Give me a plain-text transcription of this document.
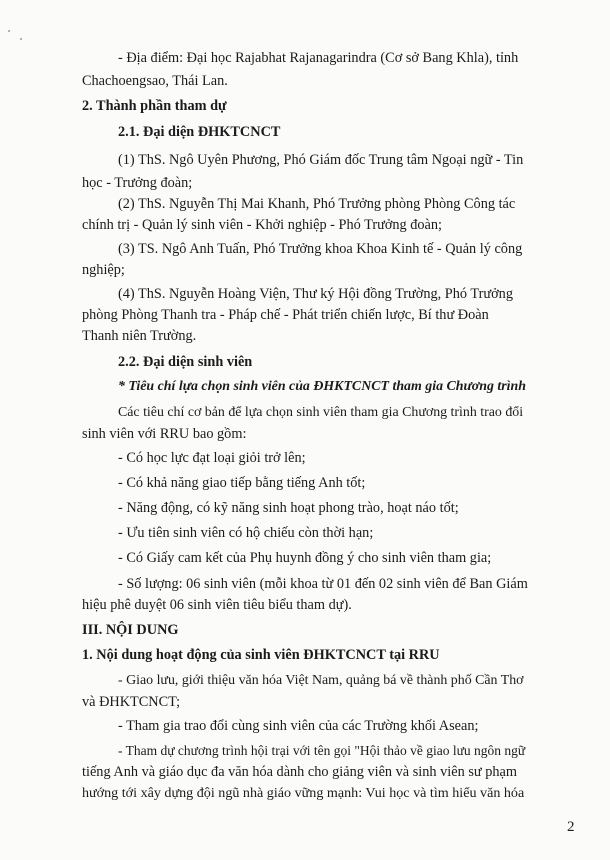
- Địa điểm: Đại học Rajabhat Rajanagarindra (Cơ sở Bang Khla), tỉnh
Chachoengsao, Thái Lan.
2. Thành phần tham dự
2.1. Đại diện ĐHKTCNCT
(1) ThS. Ngô Uyên Phương, Phó Giám đốc Trung tâm Ngoại ngữ - Tin
học - Trưởng đoàn;
(2) ThS. Nguyễn Thị Mai Khanh, Phó Trưởng phòng Phòng Công tác
chính trị - Quản lý sinh viên - Khởi nghiệp - Phó Trưởng đoàn;
(3) TS. Ngô Anh Tuấn, Phó Trưởng khoa Khoa Kinh tế - Quản lý công
nghiệp;
(4) ThS. Nguyễn Hoàng Viện, Thư ký Hội đồng Trường, Phó Trưởng
phòng Phòng Thanh tra - Pháp chế - Phát triển chiến lược, Bí thư Đoàn
Thanh niên Trường.
2.2. Đại diện sinh viên
* Tiêu chí lựa chọn sinh viên của ĐHKTCNCT tham gia Chương trình
Các tiêu chí cơ bản để lựa chọn sinh viên tham gia Chương trình trao đổi
sinh viên với RRU bao gồm:
- Có học lực đạt loại giỏi trở lên;
- Có khả năng giao tiếp bằng tiếng Anh tốt;
- Năng động, có kỹ năng sinh hoạt phong trào, hoạt náo tốt;
- Ưu tiên sinh viên có hộ chiếu còn thời hạn;
- Có Giấy cam kết của Phụ huynh đồng ý cho sinh viên tham gia;
- Số lượng: 06 sinh viên (mỗi khoa từ 01 đến 02 sinh viên để Ban Giám
hiệu phê duyệt 06 sinh viên tiêu biểu tham dự).
III. NỘI DUNG
1. Nội dung hoạt động của sinh viên ĐHKTCNCT tại RRU
- Giao lưu, giới thiệu văn hóa Việt Nam, quảng bá về thành phố Cần Thơ
và ĐHKTCNCT;
- Tham gia trao đổi cùng sinh viên của các Trường khối Asean;
- Tham dự chương trình hội trại với tên gọi "Hội thảo về giao lưu ngôn ngữ
tiếng Anh và giáo dục đa văn hóa dành cho giảng viên và sinh viên sư phạm
hướng tới xây dựng đội ngũ nhà giáo vững mạnh: Vui học và tìm hiểu văn hóa
2
